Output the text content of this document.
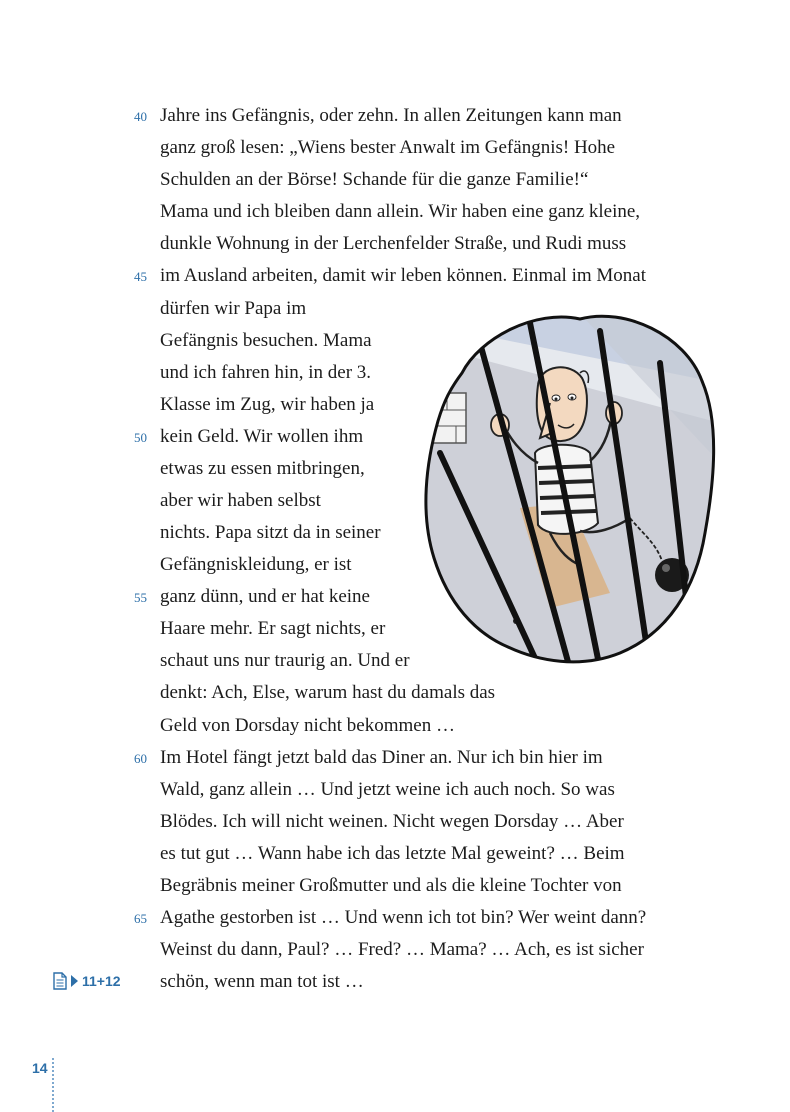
Jahre ins Gefängnis, oder zehn. In allen Zeitungen kann man
ganz groß lesen: „Wiens bester Anwalt im Gefängnis! Hohe
Schulden an der Börse! Schande für die ganze Familie!“
Mama und ich bleiben dann allein. Wir haben eine ganz kleine,
dunkle Wohnung in der Lerchenfelder Straße, und Rudi muss
im Ausland arbeiten, damit wir leben können. Einmal im Monat
dürfen wir Papa im
Gefängnis besuchen. Mama
und ich fahren hin, in der 3.
Klasse im Zug, wir haben ja
kein Geld. Wir wollen ihm
etwas zu essen mitbringen,
aber wir haben selbst
nichts. Papa sitzt da in seiner
Gefängniskleidung, er ist
ganz dünn, und er hat keine
Haare mehr. Er sagt nichts, er
schaut uns nur traurig an. Und er
denkt: Ach, Else, warum hast du damals das
Geld von Dorsday nicht bekommen …
Im Hotel fängt jetzt bald das Diner an. Nur ich bin hier im
Wald, ganz allein … Und jetzt weine ich auch noch. So was
Blödes. Ich will nicht weinen. Nicht wegen Dorsday … Aber
es tut gut … Wann habe ich das letzte Mal geweint? … Beim
Begräbnis meiner Großmutter und als die kleine Tochter von
Agathe gestorben ist … Und wenn ich tot bin? Wer weint dann?
Weinst du dann, Paul? … Fred? … Mama? … Ach, es ist sicher
schön, wenn man tot ist …
40
45
50
55
60
65
11+12
14
